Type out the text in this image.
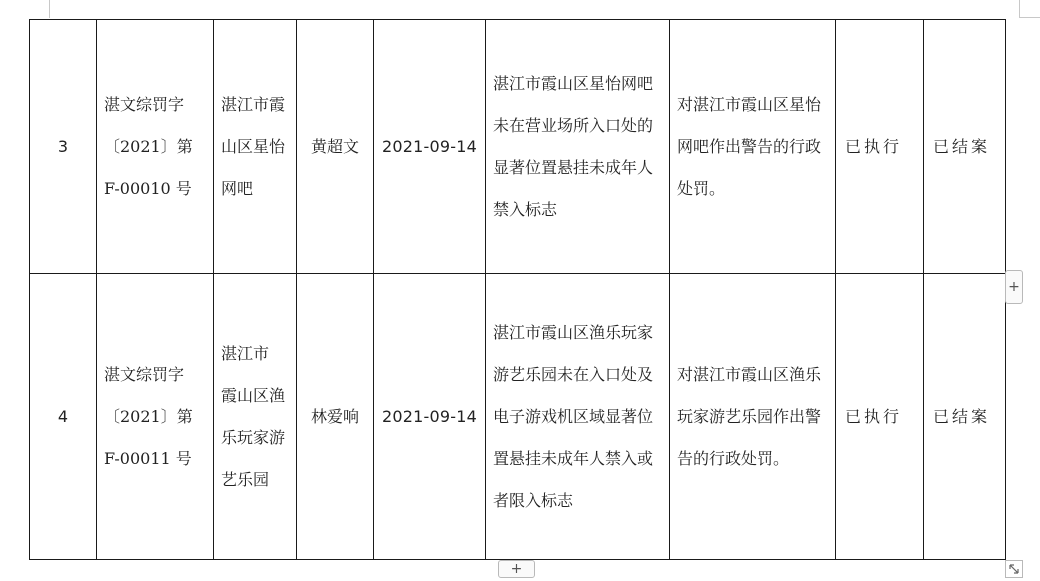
3	湛文综罚字
〔2021〕第
F-00010 号	湛江市霞
山区星怡
网吧	黄超文	2021-09-14	湛江市霞山区星怡网吧
未在营业场所入口处的
显著位置悬挂未成年人
禁入标志	对湛江市霞山区星怡
网吧作出警告的行政
处罚。	已执行	已结案
4	湛文综罚字
〔2021〕第
F-00011 号	湛江市
霞山区渔
乐玩家游
艺乐园	林爱响	2021-09-14	湛江市霞山区渔乐玩家
游艺乐园未在入口处及
电子游戏机区域显著位
置悬挂未成年人禁入或
者限入标志	对湛江市霞山区渔乐
玩家游艺乐园作出警
告的行政处罚。	已执行	已结案
+
+
